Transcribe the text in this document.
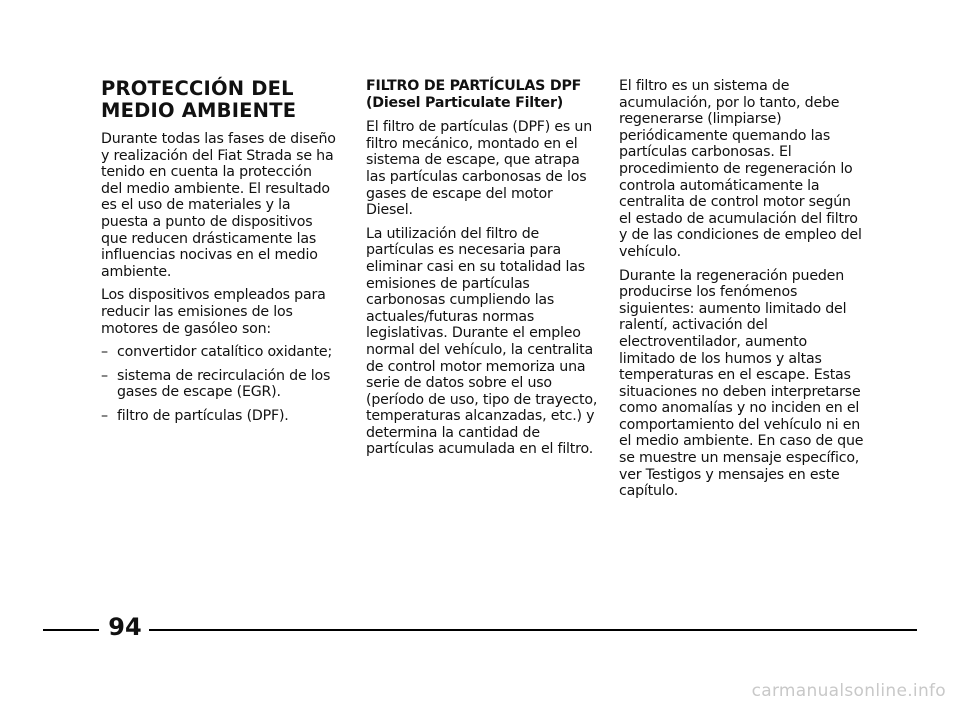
PROTECCIÓN DEL
MEDIO AMBIENTE

Durante todas las fases de diseño y realización del Fiat Strada se ha tenido en cuenta la protección del medio ambiente. El resultado es el uso de materiales y la puesta a punto de dispositivos que reducen drásticamente las influencias nocivas en el medio ambiente.

Los dispositivos empleados para reducir las emisiones de los motores de gasóleo son:

– convertidor catalítico oxidante;
– sistema de recirculación de los gases de escape (EGR).
– filtro de partículas (DPF).
FILTRO DE PARTÍCULAS DPF
(Diesel Particulate Filter)

El filtro de partículas (DPF) es un filtro mecánico, montado en el sistema de escape, que atrapa las partículas carbonosas de los gases de escape del motor Diesel.

La utilización del filtro de partículas es necesaria para eliminar casi en su totalidad las emisiones de partículas carbonosas cumpliendo las actuales/futuras normas legislativas. Durante el empleo normal del vehículo, la centralita de control motor memoriza una serie de datos sobre el uso (período de uso, tipo de trayecto, temperaturas alcanzadas, etc.) y determina la cantidad de partículas acumulada en el filtro.

El filtro es un sistema de acumulación, por lo tanto, debe regenerarse (limpiarse) periódicamente quemando las partículas carbonosas. El procedimiento de regeneración lo controla automáticamente la centralita de control motor según el estado de acumulación del filtro y de las condiciones de empleo del vehículo.

Durante la regeneración pueden producirse los fenómenos siguientes: aumento limitado del ralentí, activación del electroventilador, aumento limitado de los humos y altas temperaturas en el escape. Estas situaciones no deben interpretarse como anomalías y no inciden en el comportamiento del vehículo ni en el medio ambiente. En caso de que se muestre un mensaje específico, ver Testigos y mensajes en este capítulo.

94
carmanualsonline.info
